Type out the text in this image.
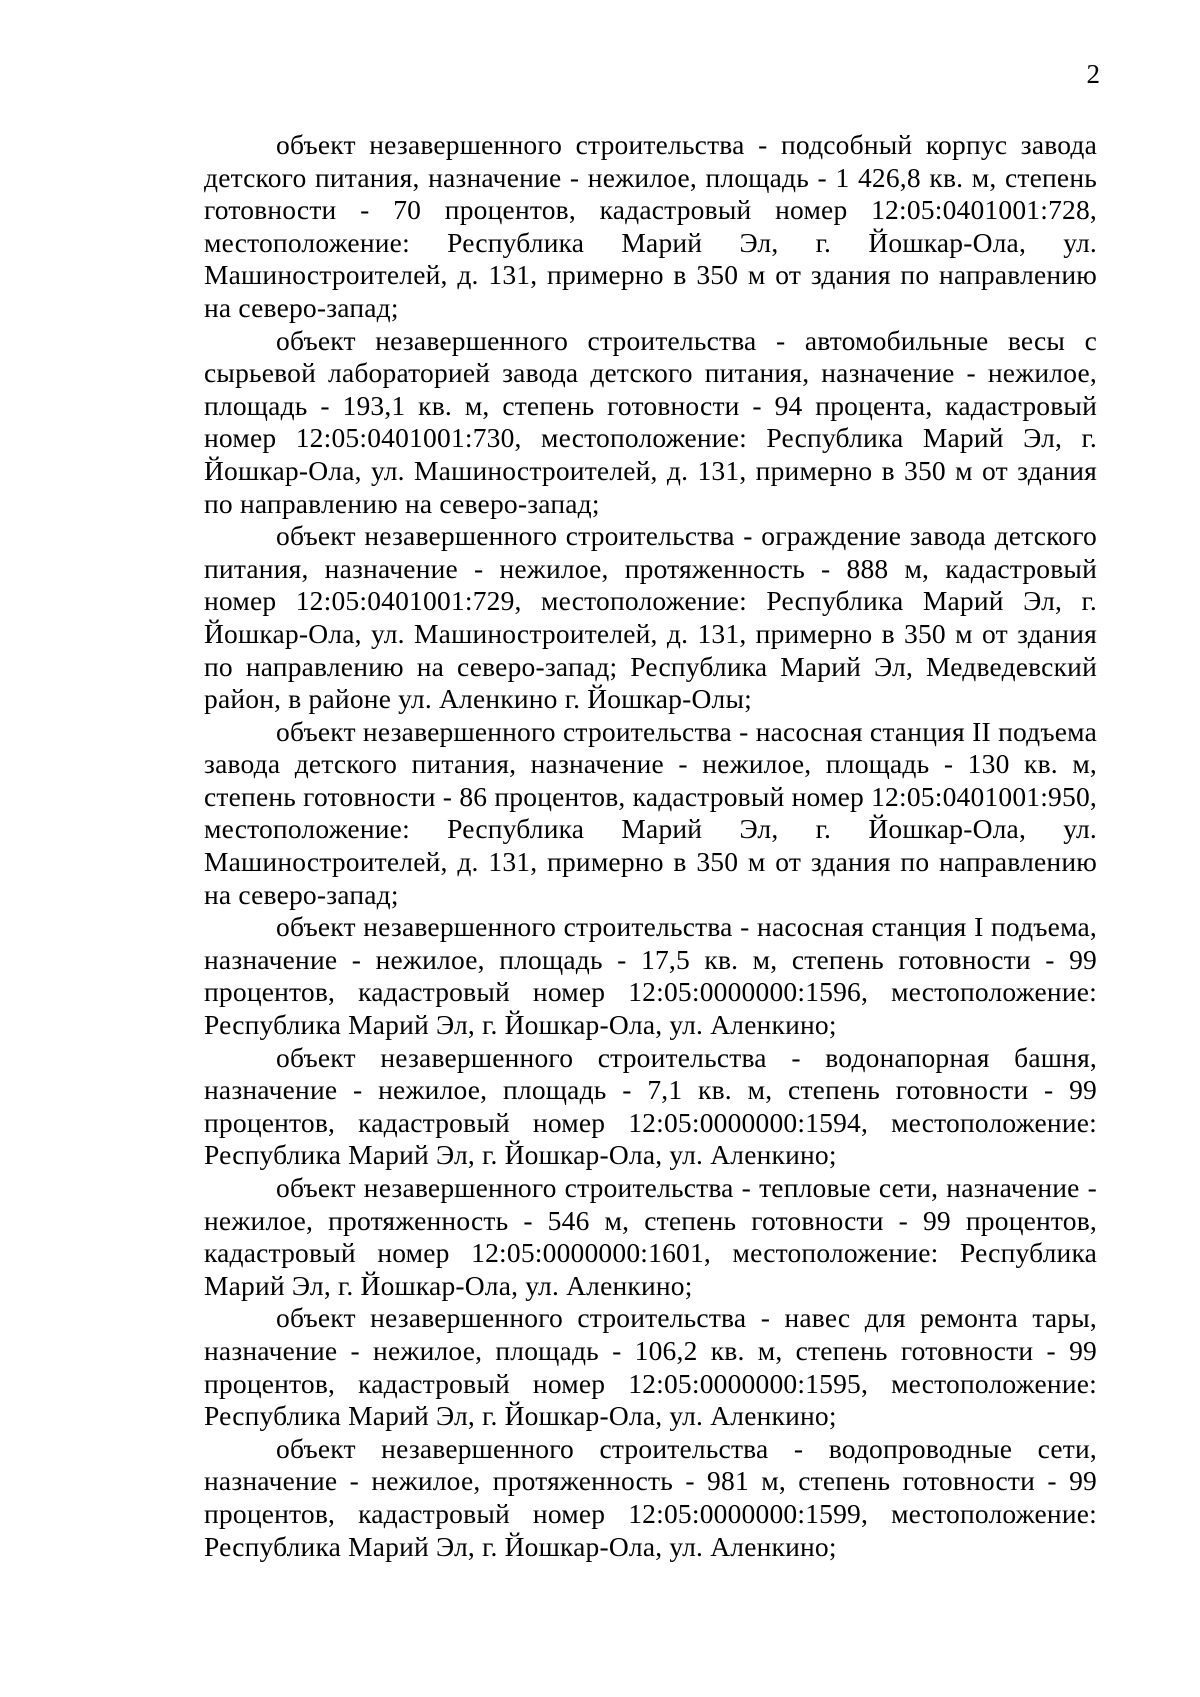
2

объект незавершенного строительства - подсобный корпус завода детского питания, назначение - нежилое, площадь - 1 426,8 кв. м, степень готовности - 70 процентов, кадастровый номер 12:05:0401001:728, местоположение: Республика Марий Эл, г. Йошкар-Ола, ул. Машиностроителей, д. 131, примерно в 350 м от здания по направлению на северо-запад;

объект незавершенного строительства - автомобильные весы с сырьевой лабораторией завода детского питания, назначение - нежилое, площадь - 193,1 кв. м, степень готовности - 94 процента, кадастровый номер 12:05:0401001:730, местоположение: Республика Марий Эл, г. Йошкар-Ола, ул. Машиностроителей, д. 131, примерно в 350 м от здания по направлению на северо-запад;

объект незавершенного строительства - ограждение завода детского питания, назначение - нежилое, протяженность - 888 м, кадастровый номер 12:05:0401001:729, местоположение: Республика Марий Эл, г. Йошкар-Ола, ул. Машиностроителей, д. 131, примерно в 350 м от здания по направлению на северо-запад; Республика Марий Эл, Медведевский район, в районе ул. Аленкино г. Йошкар-Олы;

объект незавершенного строительства - насосная станция II подъема завода детского питания, назначение - нежилое, площадь - 130 кв. м, степень готовности - 86 процентов, кадастровый номер 12:05:0401001:950, местоположение: Республика Марий Эл, г. Йошкар-Ола, ул. Машиностроителей, д. 131, примерно в 350 м от здания по направлению на северо-запад;

объект незавершенного строительства - насосная станция I подъема, назначение - нежилое, площадь - 17,5 кв. м, степень готовности - 99 процентов, кадастровый номер 12:05:0000000:1596, местоположение: Республика Марий Эл, г. Йошкар-Ола, ул. Аленкино;

объект незавершенного строительства - водонапорная башня, назначение - нежилое, площадь - 7,1 кв. м, степень готовности - 99 процентов, кадастровый номер 12:05:0000000:1594, местоположение: Республика Марий Эл, г. Йошкар-Ола, ул. Аленкино;

объект незавершенного строительства - тепловые сети, назначение - нежилое, протяженность - 546 м, степень готовности - 99 процентов, кадастровый номер 12:05:0000000:1601, местоположение: Республика Марий Эл, г. Йошкар-Ола, ул. Аленкино;

объект незавершенного строительства - навес для ремонта тары, назначение - нежилое, площадь - 106,2 кв. м, степень готовности - 99 процентов, кадастровый номер 12:05:0000000:1595, местоположение: Республика Марий Эл, г. Йошкар-Ола, ул. Аленкино;

объект незавершенного строительства - водопроводные сети, назначение - нежилое, протяженность - 981 м, степень готовности - 99 процентов, кадастровый номер 12:05:0000000:1599, местоположение: Республика Марий Эл, г. Йошкар-Ола, ул. Аленкино;
